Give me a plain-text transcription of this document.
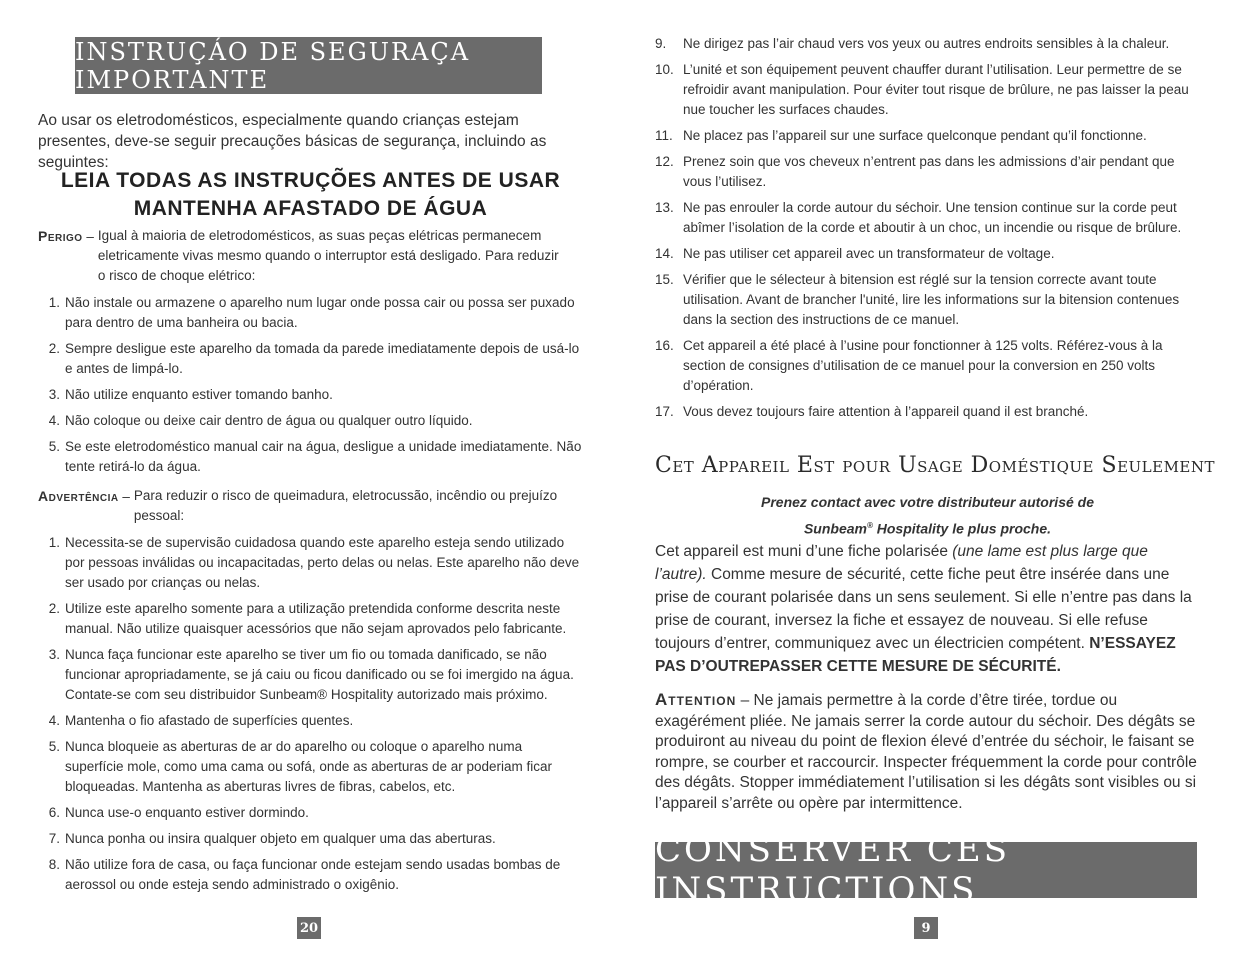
INSTRUÇÁO DE SEGURAÇA IMPORTANTE
Ao usar os eletrodomésticos, especialmente quando crianças estejam presentes, deve-se seguir precauções básicas de segurança, incluindo as seguintes:
LEIA TODAS AS INSTRUÇÕES ANTES DE USAR
MANTENHA AFASTADO DE ÁGUA
Perigo – Igual à maioria de eletrodomésticos, as suas peças elétricas permanecem eletricamente vivas mesmo quando o interruptor está desligado. Para reduzir o risco de choque elétrico:
1. Não instale ou armazene o aparelho num lugar onde possa cair ou possa ser puxado para dentro de uma banheira ou bacia.
2. Sempre desligue este aparelho da tomada da parede imediatamente depois de usá-lo e antes de limpá-lo.
3. Não utilize enquanto estiver tomando banho.
4. Não coloque ou deixe cair dentro de água ou qualquer outro líquido.
5. Se este eletrodoméstico manual cair na água, desligue a unidade imediatamente. Não tente retirá-lo da água.
Advertência – Para reduzir o risco de queimadura, eletrocussão, incêndio ou prejuízo pessoal:
1. Necessita-se de supervisão cuidadosa quando este aparelho esteja sendo utilizado por pessoas inválidas ou incapacitadas, perto delas ou nelas. Este aparelho não deve ser usado por crianças ou nelas.
2. Utilize este aparelho somente para a utilização pretendida conforme descrita neste manual. Não utilize quaisquer acessórios que não sejam aprovados pelo fabricante.
3. Nunca faça funcionar este aparelho se tiver um fio ou tomada danificado, se não funcionar apropriadamente, se já caiu ou ficou danificado ou se foi imergido na água. Contate-se com seu distribuidor Sunbeam® Hospitality autorizado mais próximo.
4. Mantenha o fio afastado de superfícies quentes.
5. Nunca bloqueie as aberturas de ar do aparelho ou coloque o aparelho numa superfície mole, como uma cama ou sofá, onde as aberturas de ar poderiam ficar bloqueadas. Mantenha as aberturas livres de fibras, cabelos, etc.
6. Nunca use-o enquanto estiver dormindo.
7. Nunca ponha ou insira qualquer objeto em qualquer uma das aberturas.
8. Não utilize fora de casa, ou faça funcionar onde estejam sendo usadas bombas de aerossol ou onde esteja sendo administrado o oxigênio.
20
9.	Ne dirigez pas l’air chaud vers vos yeux ou autres endroits sensibles à la chaleur.
10. L’unité et son équipement peuvent chauffer durant l’utilisation. Leur permettre de se refroidir avant manipulation. Pour éviter tout risque de brûlure, ne pas laisser la peau nue toucher les surfaces chaudes.
11. Ne placez pas l’appareil sur une surface quelconque pendant qu’il fonctionne.
12. Prenez soin que vos cheveux n’entrent pas dans les admissions d’air pendant que vous l’utilisez.
13. Ne pas enrouler la corde autour du séchoir. Une tension continue sur la corde peut abîmer l’isolation de la corde et aboutir à un choc, un incendie ou risque de brûlure.
14. Ne pas utiliser cet appareil avec un transformateur de voltage.
15. Vérifier que le sélecteur à bitension est réglé sur la tension correcte avant toute utilisation. Avant de brancher l'unité, lire les informations sur la bitension contenues dans la section des instructions de ce manuel.
16. Cet appareil a été placé à l’usine pour fonctionner à 125 volts. Référez-vous à la section de consignes d’utilisation de ce manuel pour la conversion en 250 volts d’opération.
17. Vous devez toujours faire attention à l’appareil quand il est branché.
Cet Appareil Est pour Usage Doméstique Seulement
Prenez contact avec votre distributeur autorisé de
Sunbeam® Hospitality le plus proche.
Cet appareil est muni d’une fiche polarisée (une lame est plus large que l’autre). Comme mesure de sécurité, cette fiche peut être insérée dans une prise de courant polarisée dans un sens seulement. Si elle n’entre pas dans la prise de courant, inversez la fiche et essayez de nouveau. Si elle refuse toujours d’entrer, communiquez avec un électricien compétent. N’ESSAYEZ PAS D’OUTREPASSER CETTE MESURE DE SÉCURITÉ.
Attention – Ne jamais permettre à la corde d’être tirée, tordue ou exagérément pliée. Ne jamais serrer la corde autour du séchoir. Des dégâts se produiront au niveau du point de flexion élevé d’entrée du séchoir, le faisant se rompre, se courber et raccourcir. Inspecter fréquemment la corde pour contrôle des dégâts. Stopper immédiatement l’utilisation si les dégâts sont visibles ou si l’appareil s’arrête ou opère par intermittence.
CONSERVER CES INSTRUCTIONS
9
